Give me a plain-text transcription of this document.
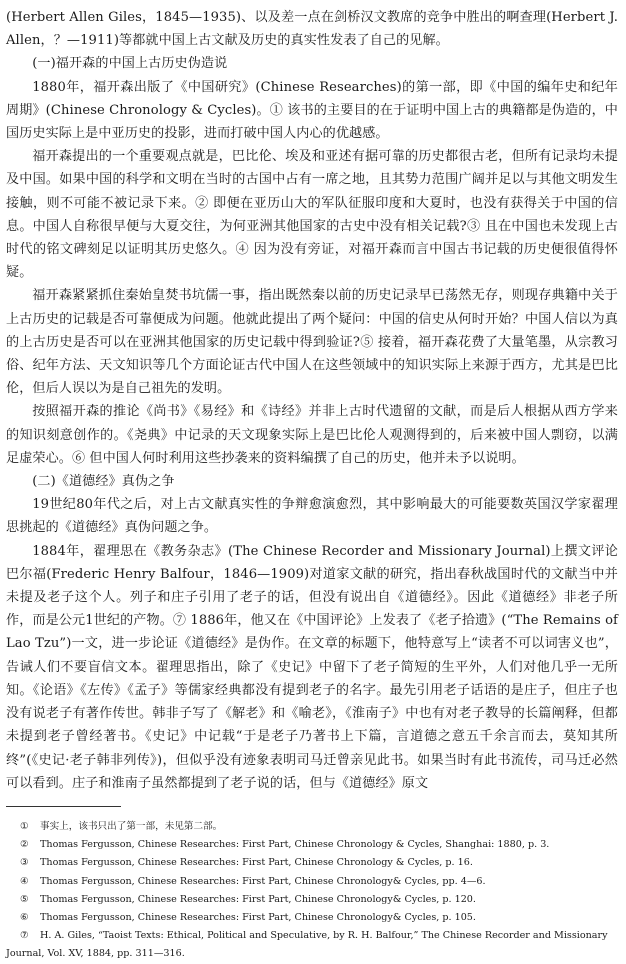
(Herbert Allen Giles，1845—1935)、以及差一点在剑桥汉文教席的竞争中胜出的啊查理(Herbert J. Allen，？—1911)等都就中国上古文献及历史的真实性发表了自己的见解。

(一)福开森的中国上古历史伪造说

1880年，福开森出版了《中国研究》(Chinese Researches)的第一部，即《中国的编年史和纪年周期》(Chinese Chronology & Cycles)。① 该书的主要目的在于证明中国上古的典籍都是伪造的，中国历史实际上是中亚历史的投影，进而打破中国人内心的优越感。

福开森提出的一个重要观点就是，巴比伦、埃及和亚述有据可靠的历史都很古老，但所有记录均未提及中国。如果中国的科学和文明在当时的古国中占有一席之地，且其势力范围广阔并足以与其他文明发生接触，则不可能不被记录下来。② 即便在亚历山大的军队征服印度和大夏时，也没有获得关于中国的信息。中国人自称很早便与大夏交往，为何亚洲其他国家的古史中没有相关记载?③ 且在中国也未发现上古时代的铭文碑刻足以证明其历史悠久。④ 因为没有旁证，对福开森而言中国古书记载的历史便很值得怀疑。

福开森紧紧抓住秦始皇焚书坑儒一事，指出既然秦以前的历史记录早已荡然无存，则现存典籍中关于上古历史的记载是否可靠便成为问题。他就此提出了两个疑问：中国的信史从何时开始？中国人信以为真的上古历史是否可以在亚洲其他国家的历史记载中得到验证?⑤ 接着，福开森花费了大量笔墨，从宗教习俗、纪年方法、天文知识等几个方面论证古代中国人在这些领域中的知识实际上来源于西方，尤其是巴比伦，但后人误以为是自己祖先的发明。

按照福开森的推论《尚书》《易经》和《诗经》并非上古时代遗留的文献，而是后人根据从西方学来的知识刻意创作的。《尧典》中记录的天文现象实际上是巴比伦人观测得到的，后来被中国人剽窃，以满足虚荣心。⑥ 但中国人何时利用这些抄袭来的资料编撰了自己的历史，他并未予以说明。

(二)《道德经》真伪之争

19世纪80年代之后，对上古文献真实性的争辩愈演愈烈，其中影响最大的可能要数英国汉学家翟理思挑起的《道德经》真伪问题之争。

1884年，翟理思在《教务杂志》(The Chinese Recorder and Missionary Journal)上撰文评论巴尔福(Frederic Henry Balfour，1846—1909)对道家文献的研究，指出春秋战国时代的文献当中并未提及老子这个人。列子和庄子引用了老子的话，但没有说出自《道德经》。因此《道德经》非老子所作，而是公元1世纪的产物。⑦ 1886年，他又在《中国评论》上发表了《老子拾遗》(“The Remains of Lao Tzu”)一文，进一步论证《道德经》是伪作。在文章的标题下，他特意写上“读者不可以词害义也”，告诫人们不要盲信文本。翟理思指出，除了《史记》中留下了老子简短的生平外，人们对他几乎一无所知。《论语》《左传》《孟子》等儒家经典都没有提到老子的名字。最先引用老子话语的是庄子，但庄子也没有说老子有著作传世。韩非子写了《解老》和《喻老》，《淮南子》中也有对老子教导的长篇阐释，但都未提到老子曾经著书。《史记》中记载“于是老子乃著书上下篇，言道德之意五千余言而去，莫知其所终”(《史记·老子韩非列传》)，但似乎没有迹象表明司马迁曾亲见此书。如果当时有此书流传，司马迁必然可以看到。庄子和淮南子虽然都提到了老子说的话，但与《道德经》原文

① 事实上，该书只出了第一部，未见第二部。

② Thomas Fergusson, Chinese Researches: First Part, Chinese Chronology & Cycles, Shanghai: 1880, p. 3.

③ Thomas Fergusson, Chinese Researches: First Part, Chinese Chronology & Cycles, p. 16.

④ Thomas Fergusson, Chinese Researches: First Part, Chinese Chronology& Cycles, pp. 4—6.

⑤ Thomas Fergusson, Chinese Researches: First Part, Chinese Chronology& Cycles, p. 120.

⑥ Thomas Fergusson, Chinese Researches: First Part, Chinese Chronology& Cycles, p. 105.

⑦ H. A. Giles, “Taoist Texts: Ethical, Political and Speculative, by R. H. Balfour,” The Chinese Recorder and Missionary Journal, Vol. XV, 1884, pp. 311—316.
